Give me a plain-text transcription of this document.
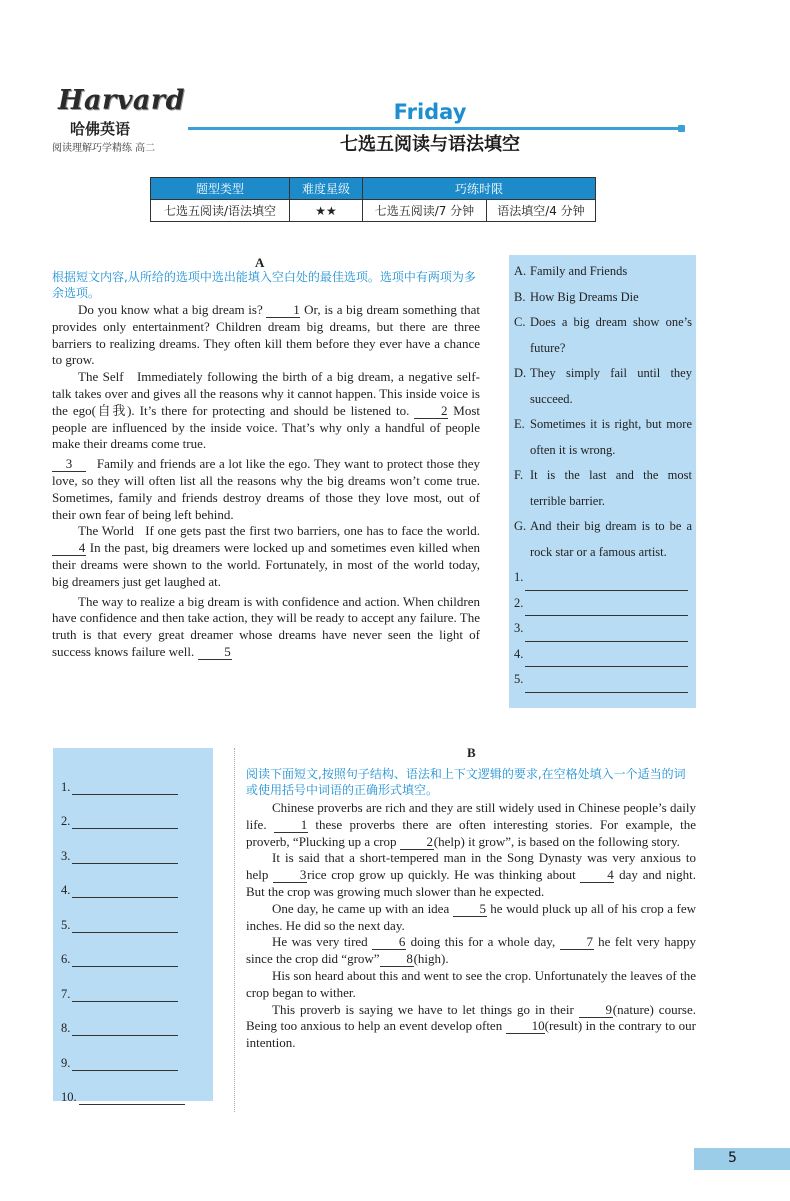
Harvard
哈佛英语
阅读理解巧学精练 高二
Friday
七选五阅读与语法填空
题型类型	难度星级	巧练时限	
七选五阅读/语法填空	★★	七选五阅读/7 分钟	语法填空/4 分钟
A

根据短文内容,从所给的选项中选出能填入空白处的最佳选项。选项中有两项为多余选项。

Do you know what a big dream is? 1 Or, is a big dream something that provides only entertainment? Children dream big dreams, but there are three barriers to realizing dreams. They often kill them before they ever have a chance to grow.

The Self Immediately following the birth of a big dream, a negative self-talk takes over and gives all the reasons why it cannot happen. This inside voice is the ego(自我). It’s there for protecting and should be listened to. 2 Most people are influenced by the inside voice. That’s why only a handful of people make their dreams come true.

3 Family and friends are a lot like the ego. They want to protect those they love, so they will often list all the reasons why the big dreams won’t come true. Sometimes, family and friends destroy dreams of those they love most, out of their own fear of being left behind.

The World If one gets past the first two barriers, one has to face the world. 4 In the past, big dreamers were locked up and sometimes even killed when their dreams were shown to the world. Fortunately, in most of the world today, big dreamers just get laughed at.

The way to realize a big dream is with confidence and action. When children have confidence and then take action, they will be ready to accept any failure. The truth is that every great dreamer whose dreams have never seen the light of success knows failure well. 5

A. Family and Friends
B. How Big Dreams Die
C. Does a big dream show one’s future?
D. They simply fail until they succeed.
E. Sometimes it is right, but more often it is wrong.
F. It is the last and the most terrible barrier.
G. And their big dream is to be a rock star or a famous artist.
1.
2.
3.
4.
5.
1.
2.
3.
4.
5.
6.
7.
8.
9.
10.
B

阅读下面短文,按照句子结构、语法和上下文逻辑的要求,在空格处填入一个适当的词或使用括号中词语的正确形式填空。

Chinese proverbs are rich and they are still widely used in Chinese people’s daily life.	1 these proverbs there are often interesting stories. For example, the proverb, “Plucking up a crop 2(help) it grow”, is based on the following story.

It is said that a short-tempered man in the Song Dynasty was very anxious to help 3rice crop grow up quickly. He was thinking about 4 day and night. But the crop was growing much slower than he expected.

One day, he came up with an idea 5 he would pluck up all of his crop a few inches. He did so the next day.

He was very tired 6 doing this for a whole day, 7 he felt very happy since the crop did “grow” 8(high).

His son heard about this and went to see the crop. Unfortunately the leaves of the crop began to wither.

This proverb is saying we have to let things go in their 9(nature) course. Being too anxious to help an event develop often 10(result) in the contrary to our intention.

5
